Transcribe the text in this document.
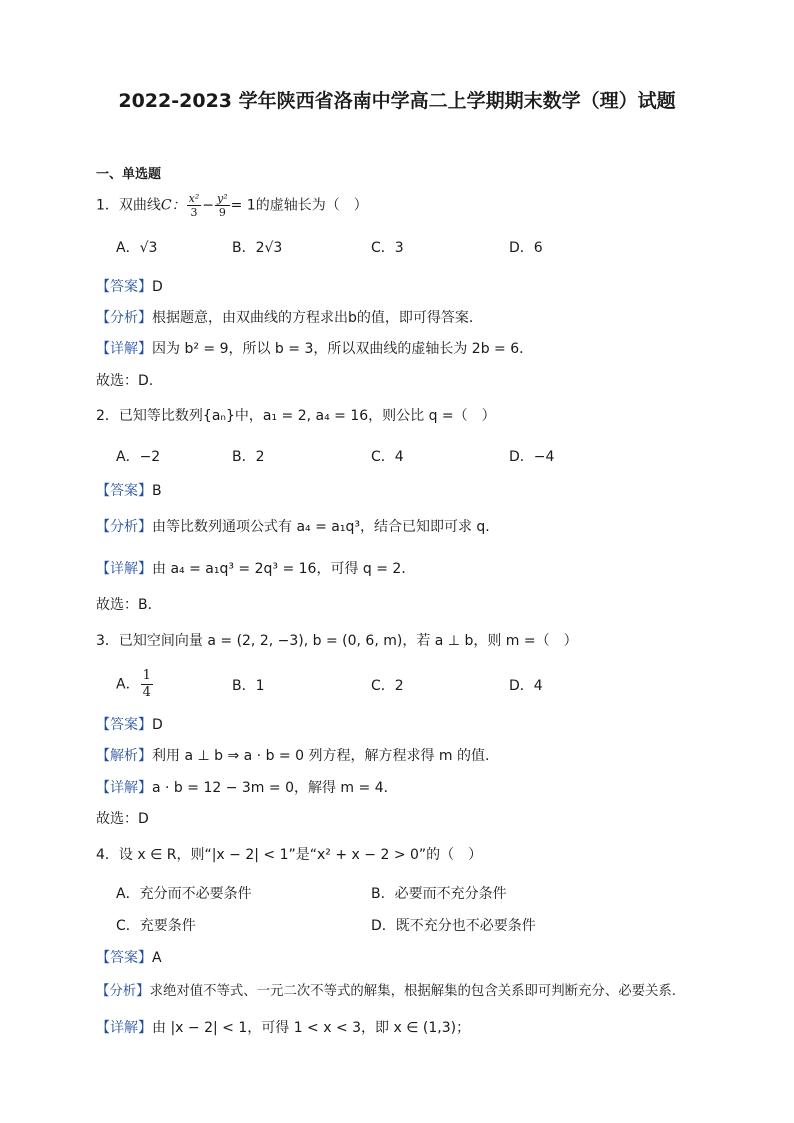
2022-2023 学年陕西省洛南中学高二上学期期末数学（理）试题
一、单选题
1．双曲线C： $\frac{\text{x²}}{3} - \frac{\text{y²}}{9} = 1$的虚轴长为（　）
A．√3	B．2√3	C．3	D．6
【答案】D
【分析】根据题意，由双曲线的方程求出b的值，即可得答案．
【详解】因为 b² = 9，所以 b = 3，所以双曲线的虚轴长为 2b = 6．
故选：D.
2．已知等比数列{aₙ}中，a₁ = 2, a₄ = 16，则公比 q =（　）
A．−2	B．2	C．4	D．−4
【答案】B
【分析】由等比数列通项公式有 a₄ = a₁q³，结合已知即可求 q．
【详解】由 a₄ = a₁q³ = 2q³ = 16，可得 q = 2．
故选：B．
3．已知空间向量 a = (2, 2, −3), b = (0, 6, m)，若 a ⊥ b，则 m =（　）
A． $\frac{1}{4}$	B．1	C．2	D．4
【答案】D
【解析】利用 a ⊥ b ⇒ a · b = 0 列方程，解方程求得 m 的值.
【详解】a · b = 12 − 3m = 0，解得 m = 4．
故选：D
4．设 x ∈ R，则“|x − 2| < 1”是“x² + x − 2 > 0”的（　）
A．充分而不必要条件	B．必要而不充分条件
C．充要条件	D．既不充分也不必要条件
【答案】A
【分析】求绝对值不等式、一元二次不等式的解集，根据解集的包含关系即可判断充分、必要关系.
【详解】由 |x − 2| < 1，可得 1 < x < 3，即 x ∈ (1,3)；
